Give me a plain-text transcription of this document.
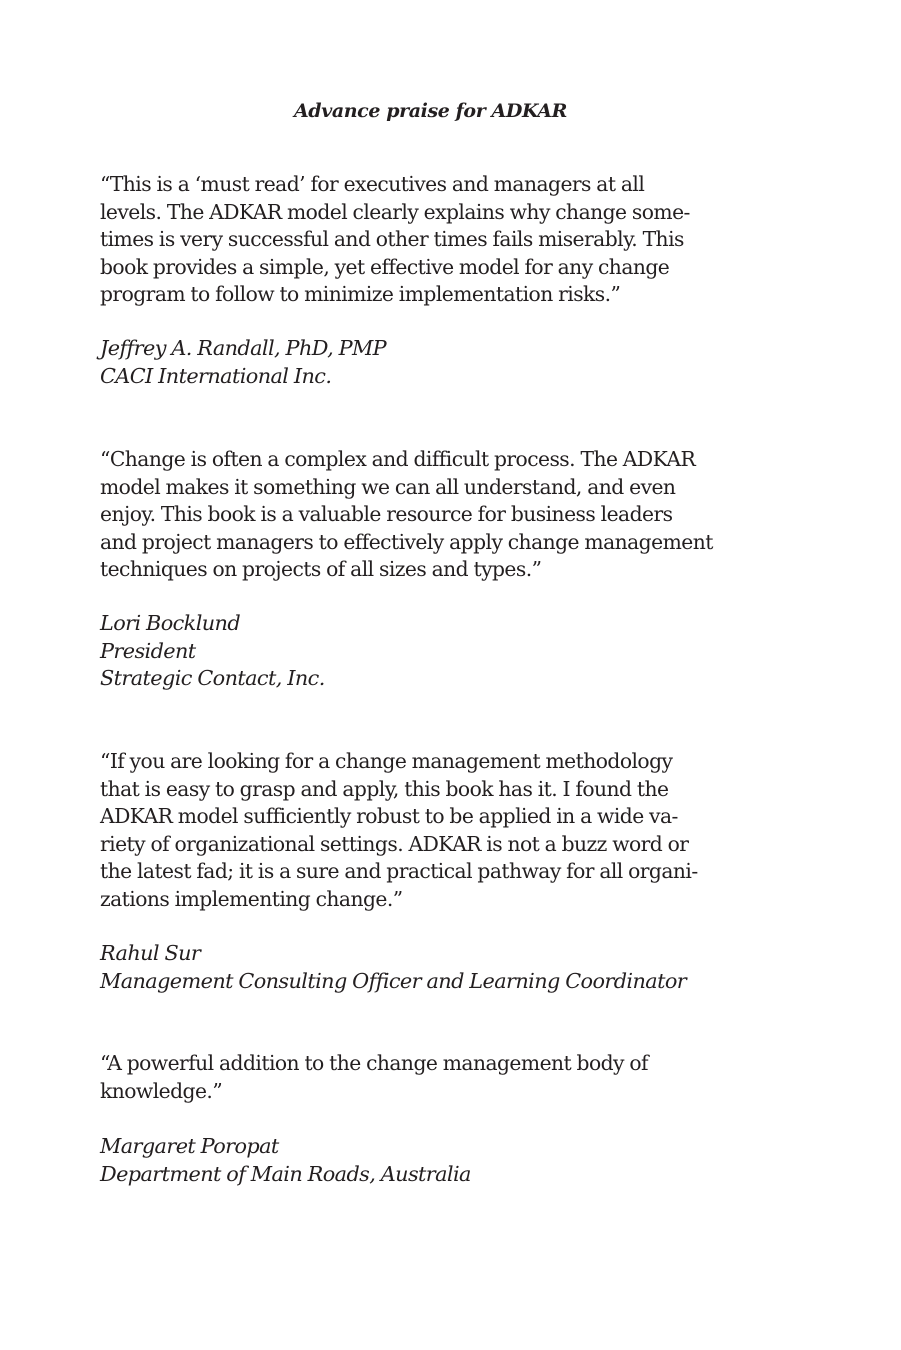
Advance praise for ADKAR
“This is a ‘must read’ for executives and managers at all
levels. The ADKAR model clearly explains why change some-
times is very successful and other times fails miserably. This
book provides a simple, yet effective model for any change
program to follow to minimize implementation risks.”
Jeffrey A. Randall, PhD, PMP
CACI International Inc.
“Change is often a complex and difficult process. The ADKAR
model makes it something we can all understand, and even
enjoy. This book is a valuable resource for business leaders
and project managers to effectively apply change management
techniques on projects of all sizes and types.”
Lori Bocklund
President
Strategic Contact, Inc.
“If you are looking for a change management methodology
that is easy to grasp and apply, this book has it. I found the
ADKAR model sufficiently robust to be applied in a wide va-
riety of organizational settings. ADKAR is not a buzz word or
the latest fad; it is a sure and practical pathway for all organi-
zations implementing change.”
Rahul Sur
Management Consulting Officer and Learning Coordinator
“A powerful addition to the change management body of
knowledge.”
Margaret Poropat
Department of Main Roads, Australia
